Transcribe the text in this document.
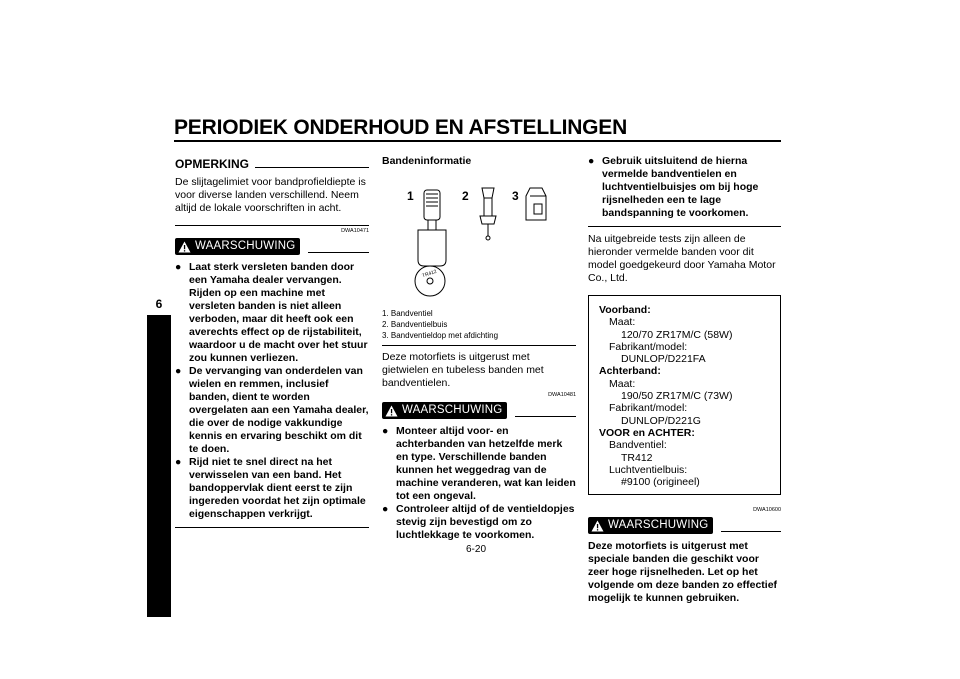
PERIODIEK ONDERHOUD EN AFSTELLINGEN
6
OPMERKING

De slijtagelimiet voor bandprofieldiepte is voor diverse landen verschillend. Neem altijd de lokale voorschriften in acht.

DWA10471
WAARSCHUWING
● Laat sterk versleten banden door een Yamaha dealer vervangen. Rijden op een machine met versleten banden is niet alleen verboden, maar dit heeft ook een averechts effect op de rijstabiliteit, waardoor u de macht over het stuur zou kunnen verliezen.
● De vervanging van onderdelen van wielen en remmen, inclusief banden, dient te worden overgelaten aan een Yamaha dealer, die over de nodige vakkundige kennis en ervaring beschikt om dit te doen.
● Rijd niet te snel direct na het verwisselen van een band. Het bandoppervlak dient eerst te zijn ingereden voordat het zijn optimale eigenschappen verkrijgt.

Bandeninformatie

1	2	3
TR412
1. Bandventiel
2. Bandventielbuis
3. Bandventieldop met afdichting

Deze motorfiets is uitgerust met gietwielen en tubeless banden met bandventielen.

DWA10481
WAARSCHUWING
● Monteer altijd voor- en achterbanden van hetzelfde merk en type. Verschillende banden kunnen het weggedrag van de machine veranderen, wat kan leiden tot een ongeval.
● Controleer altijd of de ventieldopjes stevig zijn bevestigd om zo luchtlekkage te voorkomen.
● Gebruik uitsluitend de hierna vermelde bandventielen en luchtventielbuisjes om bij hoge rijsnelheden een te lage bandspanning te voorkomen.

Na uitgebreide tests zijn alleen de hieronder vermelde banden voor dit model goedgekeurd door Yamaha Motor Co., Ltd.

Voorband:
Maat:
120/70 ZR17M/C (58W)
Fabrikant/model:
DUNLOP/D221FA
Achterband:
Maat:
190/50 ZR17M/C (73W)
Fabrikant/model:
DUNLOP/D221G
VOOR en ACHTER:
Bandventiel:
TR412
Luchtventielbuis:
#9100 (origineel)
DWA10600
WAARSCHUWING

Deze motorfiets is uitgerust met speciale banden die geschikt voor zeer hoge rijsnelheden. Let op het volgende om deze banden zo effectief mogelijk te kunnen gebruiken.

6-20
